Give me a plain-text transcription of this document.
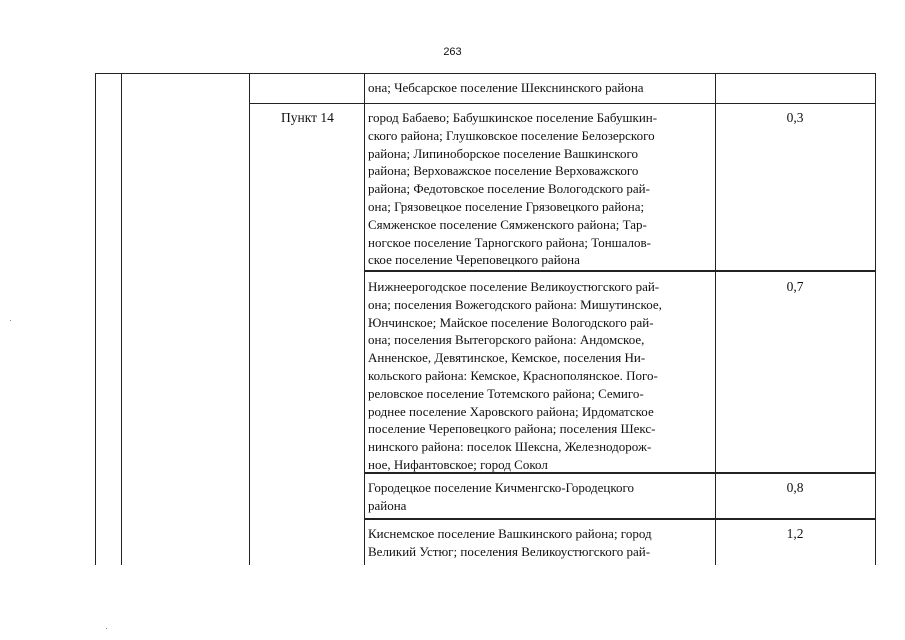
263
она; Чебсарское поселение Шекснинского района
Пункт 14	город Бабаево; Бабушкинское поселение Бабушкин-
ского района; Глушковское поселение Белозерского
района; Липиноборское поселение Вашкинского
района; Верховажское поселение Верховажского
района; Федотовское поселение Вологодского рай-
она; Грязовецкое поселение Грязовецкого района;
Сямженское поселение Сямженского района; Тар-
ногское поселение Тарногского района; Тоншалов-
ское поселение Череповецкого района
0,3
Нижнеерогодское поселение Великоустюгского рай-
она; поселения Вожегодского района: Мишутинское,
Юнчинское; Майское поселение Вологодского рай-
она; поселения Вытегорского района: Андомское,
Анненское, Девятинское, Кемское, поселения Ни-
кольского района: Кемское, Краснополянское. Пого-
реловское поселение Тотемского района; Семиго-
роднее поселение Харовского района; Ирдоматское
поселение Череповецкого района; поселения Шекс-
нинского района: поселок Шексна, Железнодорож-
ное, Нифантовское; город Сокол
0,7
Городецкое поселение Кичменгско-Городецкого
района
0,8
Киснемское поселение Вашкинского района; город
Великий Устюг; поселения Великоустюгского рай-
1,2
